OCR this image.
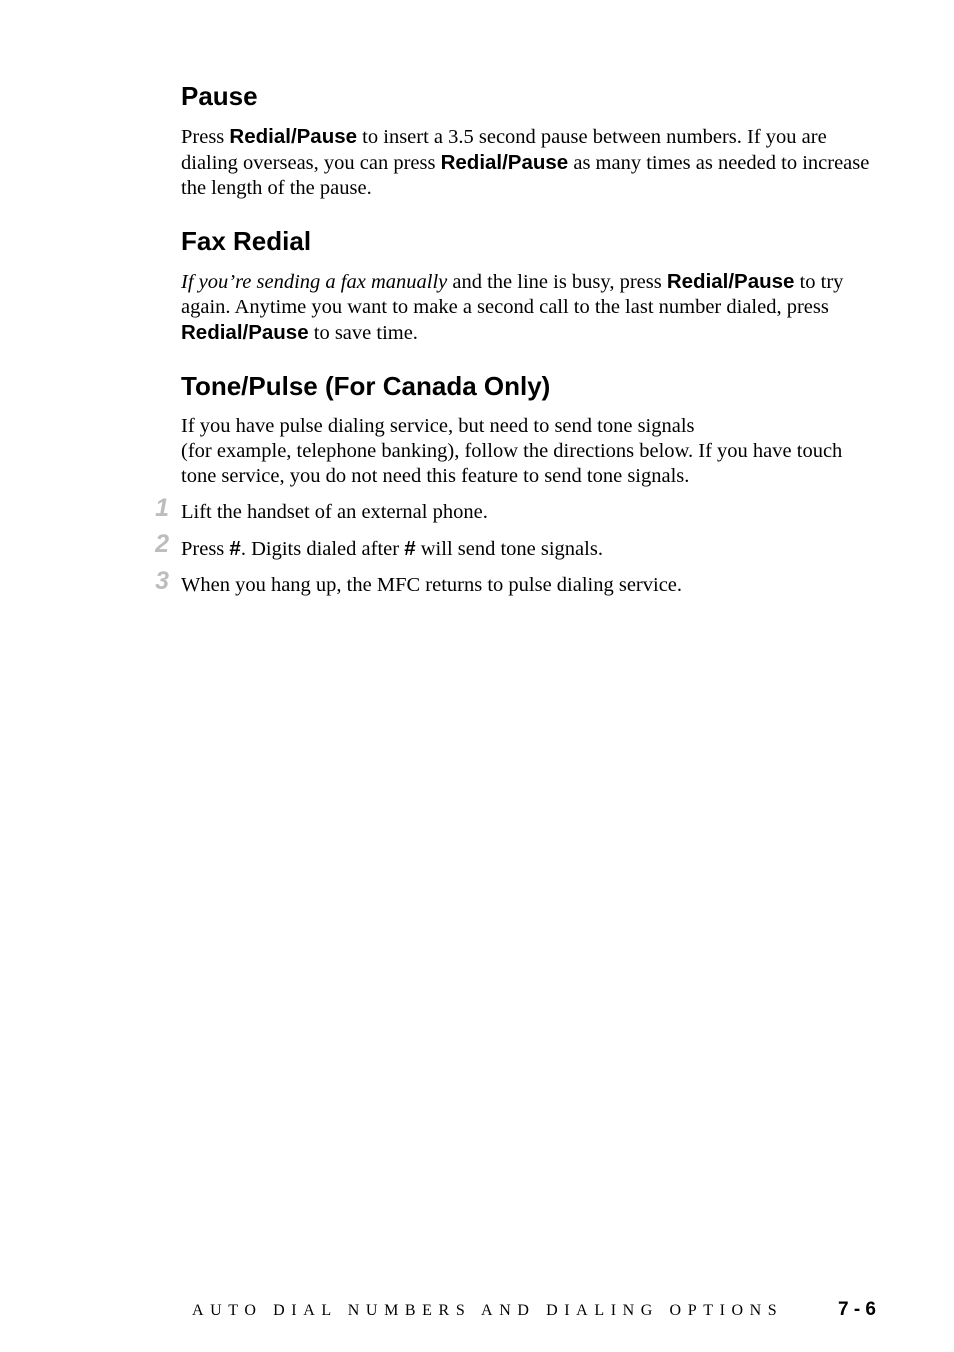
Pause

Press Redial/Pause to insert a 3.5 second pause between numbers. If you are dialing overseas, you can press Redial/Pause as many times as needed to increase the length of the pause.

Fax Redial

If you’re sending a fax manually and the line is busy, press Redial/Pause to try again. Anytime you want to make a second call to the last number dialed, press Redial/Pause to save time.

Tone/Pulse (For Canada Only)

If you have pulse dialing service, but need to send tone signals
(for example, telephone banking), follow the directions below. If you have touch tone service, you do not need this feature to send tone signals.

1 Lift the handset of an external phone.
2 Press #. Digits dialed after # will send tone signals.
3 When you hang up, the MFC returns to pulse dialing service.
AUTO DIAL NUMBERS AND DIALING OPTIONS	7 - 6
